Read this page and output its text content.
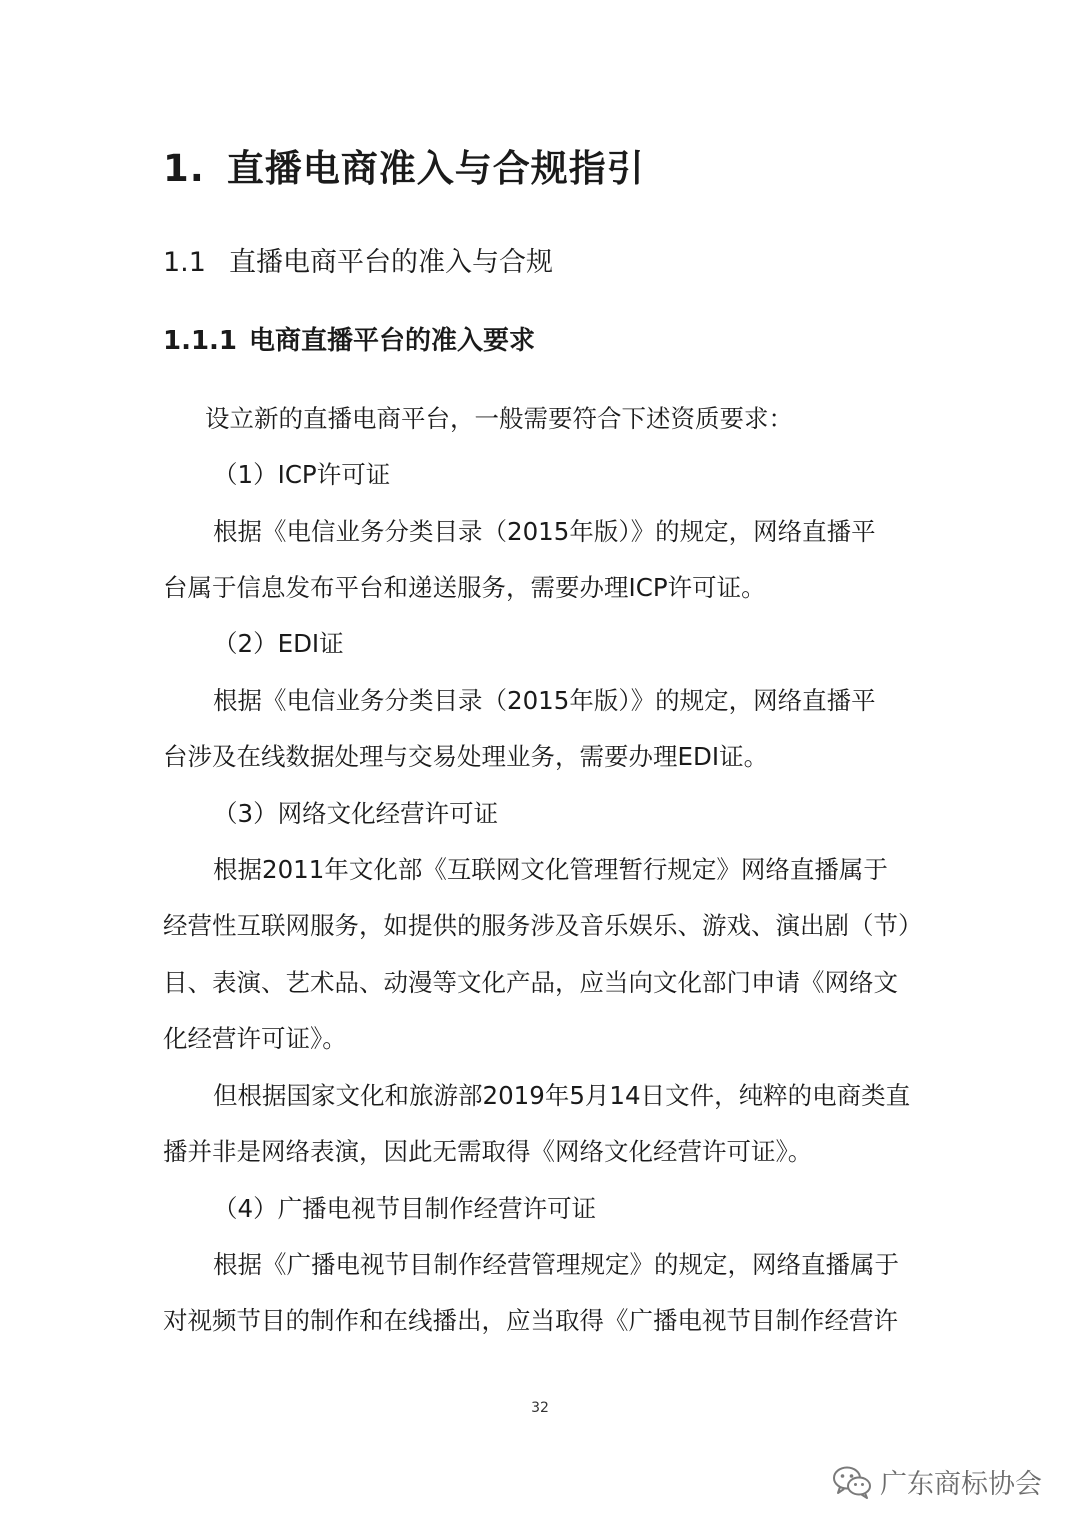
1. 直播电商准入与合规指引
1.1 直播电商平台的准入与合规
1.1.1 电商直播平台的准入要求
设立新的直播电商平台，一般需要符合下述资质要求：
（1）ICP许可证
根据《电信业务分类目录（2015年版）》的规定，网络直播平
台属于信息发布平台和递送服务，需要办理ICP许可证。
（2）EDI证
根据《电信业务分类目录（2015年版）》的规定，网络直播平
台涉及在线数据处理与交易处理业务，需要办理EDI证。
（3）网络文化经营许可证
根据2011年文化部《互联网文化管理暂行规定》网络直播属于
经营性互联网服务，如提供的服务涉及音乐娱乐、游戏、演出剧（节）
目、表演、艺术品、动漫等文化产品，应当向文化部门申请《网络文
化经营许可证》。
但根据国家文化和旅游部2019年5月14日文件，纯粹的电商类直
播并非是网络表演，因此无需取得《网络文化经营许可证》。
（4）广播电视节目制作经营许可证
根据《广播电视节目制作经营管理规定》的规定，网络直播属于
对视频节目的制作和在线播出，应当取得《广播电视节目制作经营许
32
广东商标协会
